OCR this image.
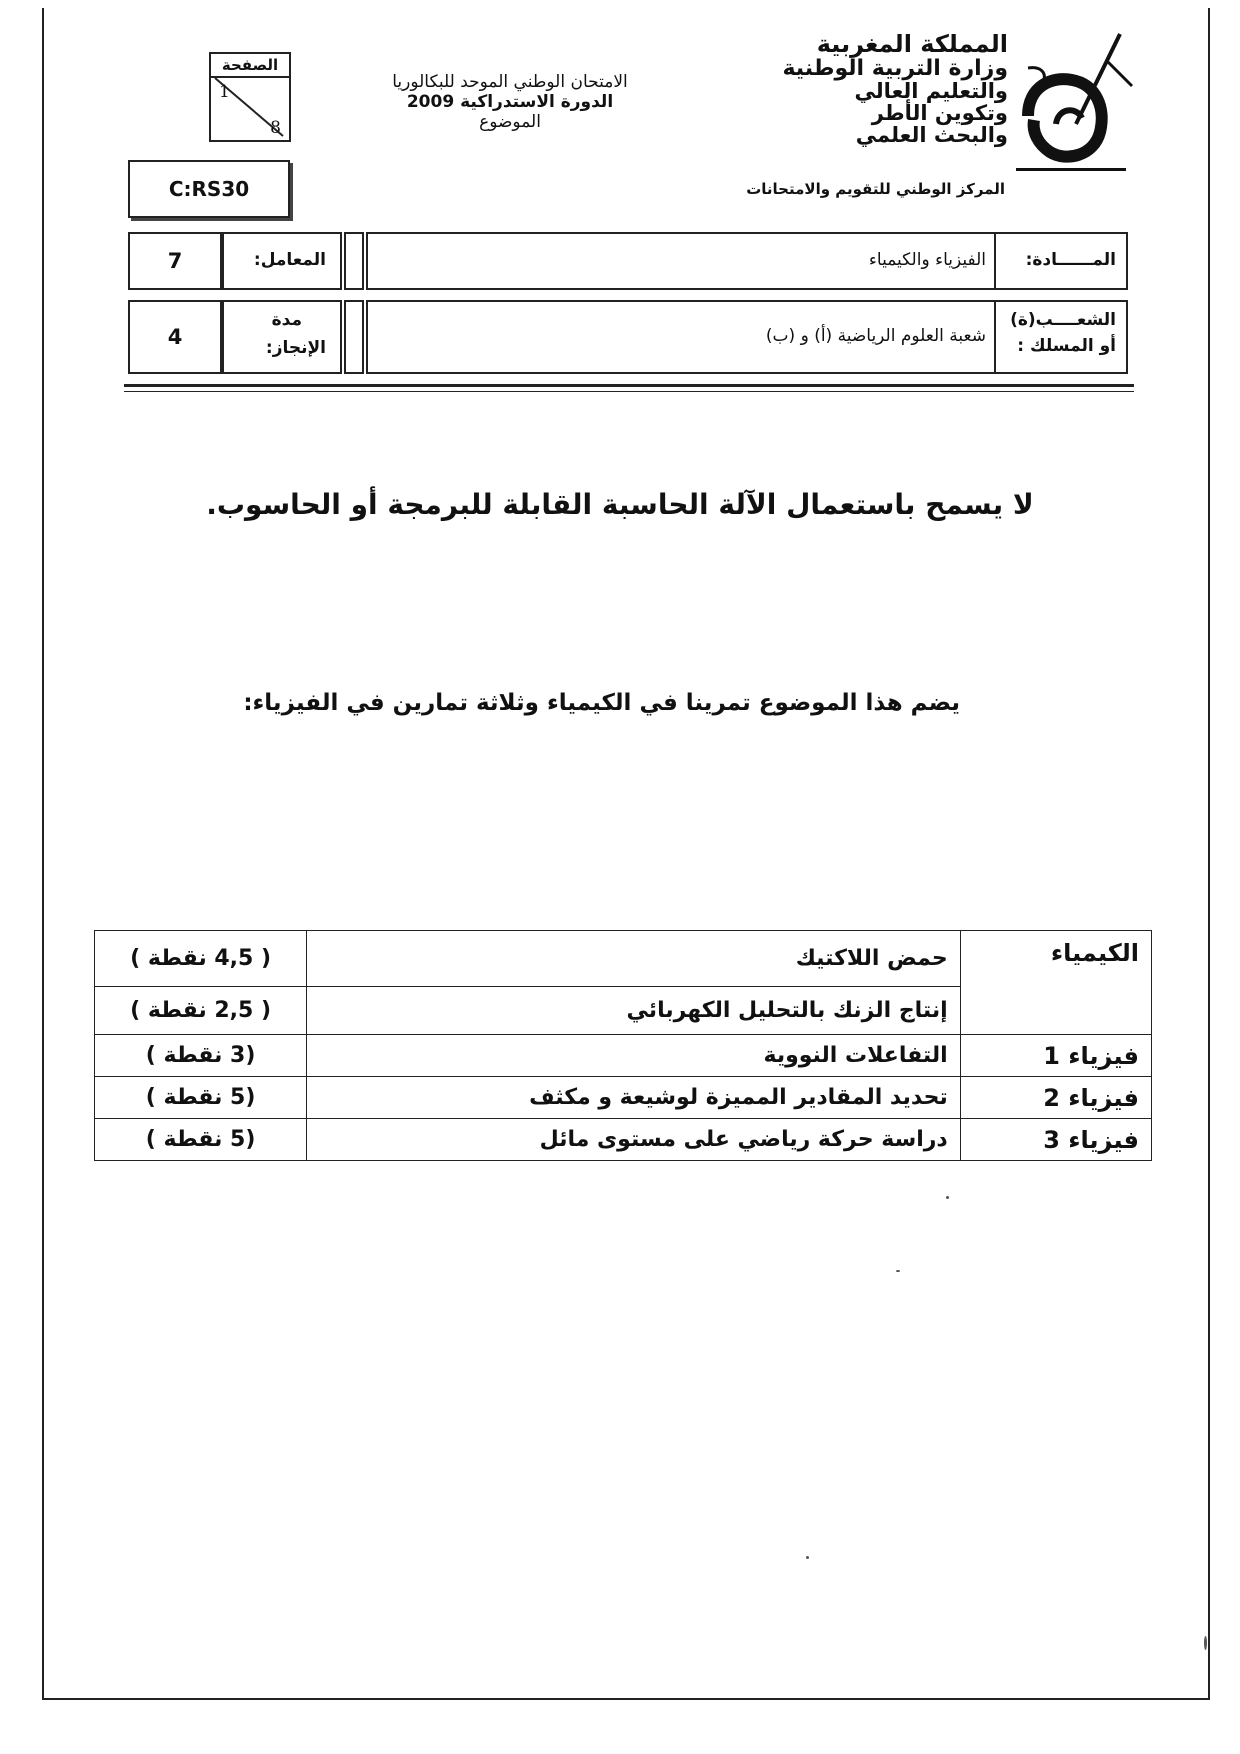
المملكة المغربية
وزارة التربية الوطنية
والتعليم العالي
وتكوين الأطر
والبحث العلمي
المركز الوطني للتقويم والامتحانات
الامتحان الوطني الموحد للبكالوريا
الدورة الاستدراكية 2009
الموضوع
الصفحة
1
8
C:RS30
المــــــادة:
الفيزياء والكيمياء
المعامل:
7
الشعــــب(ة)
أو المسلك :
شعبة العلوم الرياضية (أ) و (ب)
مدة
الإنجاز:
4
لا يسمح باستعمال الآلة الحاسبة القابلة للبرمجة أو الحاسوب.
يضم هذا الموضوع تمرينا في الكيمياء وثلاثة تمارين في الفيزياء:
الكيمياء	حمض اللاكتيك	( 4,5 نقطة )
	إنتاج الزنك بالتحليل الكهربائي	( 2,5 نقطة )
فيزياء 1	التفاعلات النووية	(3 نقطة )
فيزياء 2	تحديد المقادير المميزة لوشيعة و مكثف	(5 نقطة )
فيزياء 3	دراسة حركة رياضي على مستوى مائل	(5 نقطة )
